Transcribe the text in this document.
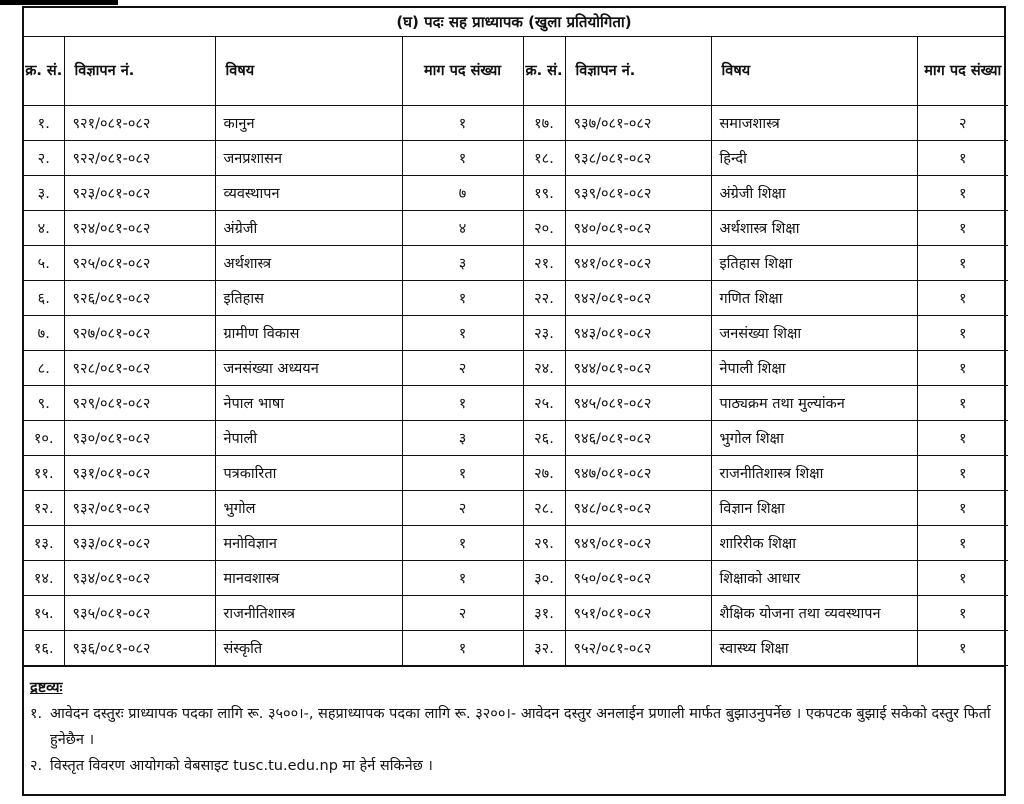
(घ) पदः सह प्राध्यापक (खुला प्रतियोगिता)
क्र. सं.	विज्ञापन नं.	विषय	माग पद संख्या	क्र. सं.	विज्ञापन नं.	विषय	माग पद संख्या
१.	९२१/०८१-०८२	कानुन	१	१७.	९३७/०८१-०८२	समाजशास्त्र	२
२.	९२२/०८१-०८२	जनप्रशासन	१	१८.	९३८/०८१-०८२	हिन्दी	१
३.	९२३/०८१-०८२	व्यवस्थापन	७	१९.	९३९/०८१-०८२	अंग्रेजी शिक्षा	१
४.	९२४/०८१-०८२	अंग्रेजी	४	२०.	९४०/०८१-०८२	अर्थशास्त्र शिक्षा	१
५.	९२५/०८१-०८२	अर्थशास्त्र	३	२१.	९४१/०८१-०८२	इतिहास शिक्षा	१
६.	९२६/०८१-०८२	इतिहास	१	२२.	९४२/०८१-०८२	गणित शिक्षा	१
७.	९२७/०८१-०८२	ग्रामीण विकास	१	२३.	९४३/०८१-०८२	जनसंख्या शिक्षा	१
८.	९२८/०८१-०८२	जनसंख्या अध्ययन	२	२४.	९४४/०८१-०८२	नेपाली शिक्षा	१
९.	९२९/०८१-०८२	नेपाल भाषा	१	२५.	९४५/०८१-०८२	पाठ्यक्रम तथा मुल्यांकन	१
१०.	९३०/०८१-०८२	नेपाली	३	२६.	९४६/०८१-०८२	भुगोल शिक्षा	१
११.	९३१/०८१-०८२	पत्रकारिता	१	२७.	९४७/०८१-०८२	राजनीतिशास्त्र शिक्षा	१
१२.	९३२/०८१-०८२	भुगोल	२	२८.	९४८/०८१-०८२	विज्ञान शिक्षा	१
१३.	९३३/०८१-०८२	मनोविज्ञान	१	२९.	९४९/०८१-०८२	शारिरीक शिक्षा	१
१४.	९३४/०८१-०८२	मानवशास्त्र	१	३०.	९५०/०८१-०८२	शिक्षाको आधार	१
१५.	९३५/०८१-०८२	राजनीतिशास्त्र	२	३१.	९५१/०८१-०८२	शैक्षिक योजना तथा व्यवस्थापन	१
१६.	९३६/०८१-०८२	संस्कृति	१	३२.	९५२/०८१-०८२	स्वास्थ्य शिक्षा	१
द्रष्टव्यः
१. आवेदन दस्तुरः प्राध्यापक पदका लागि रू. ३५००।-, सहप्राध्यापक पदका लागि रू. ३२००।- आवेदन दस्तुर अनलाईन प्रणाली मार्फत बुझाउनुपर्नेछ । एकपटक बुझाई सकेको दस्तुर फिर्ता हुनेछैन ।
२. विस्तृत विवरण आयोगको वेबसाइट tusc.tu.edu.np मा हेर्न सकिनेछ ।
